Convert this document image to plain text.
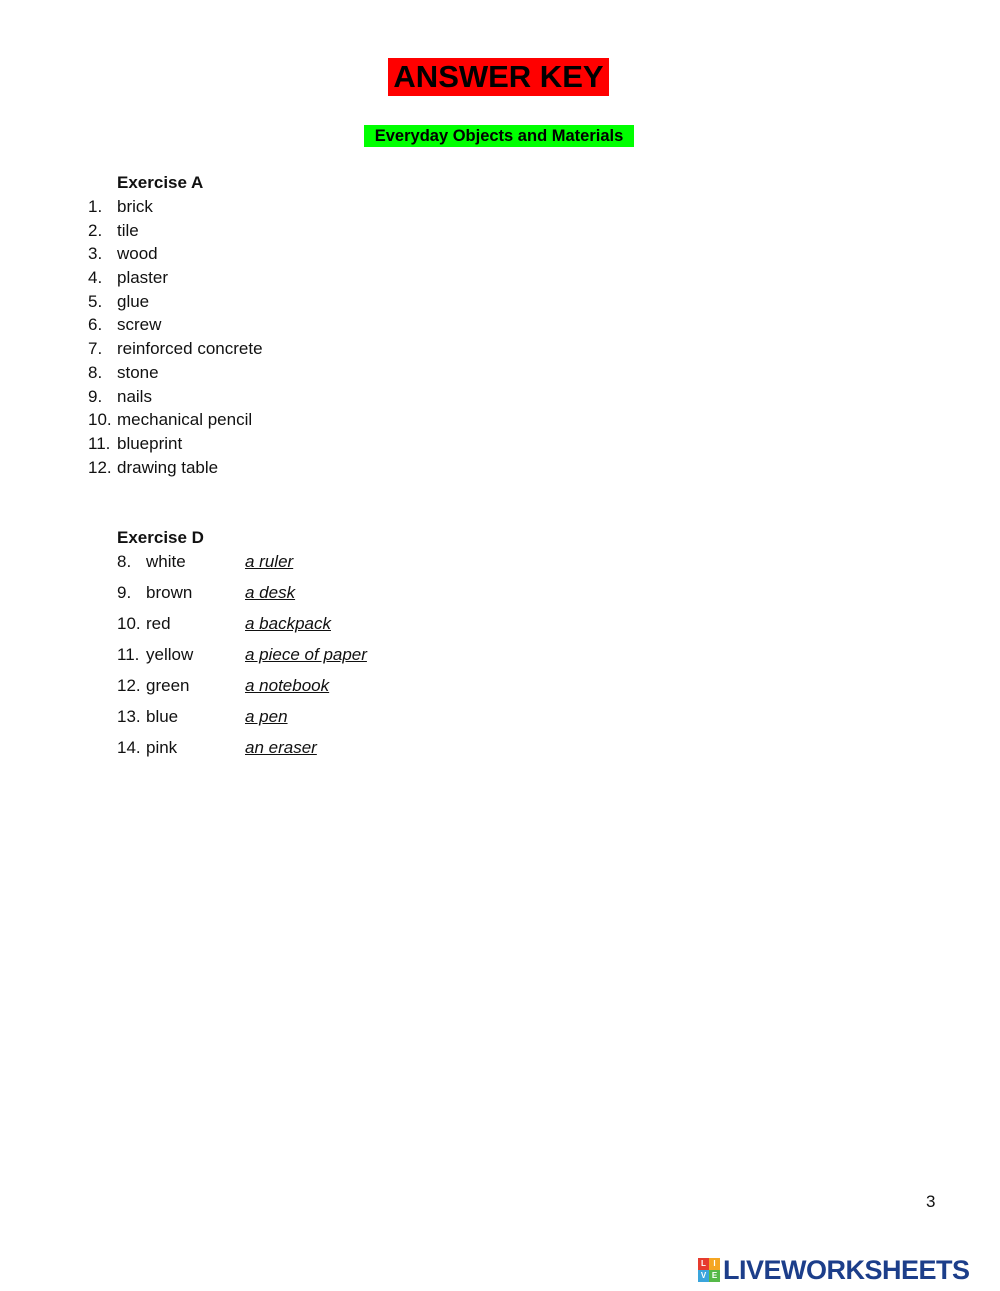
ANSWER KEY
Everyday Objects and Materials
Exercise A
1. brick
2. tile
3. wood
4. plaster
5. glue
6. screw
7. reinforced concrete
8. stone
9. nails
10. mechanical pencil
11. blueprint
12. drawing table
Exercise D
8. white	a ruler
9. brown	a desk
10. red	a backpack
11. yellow	a piece of paper
12. green	a notebook
13. blue	a pen
14. pink	an eraser
3
L I
V E LIVEWORKSHEETS
